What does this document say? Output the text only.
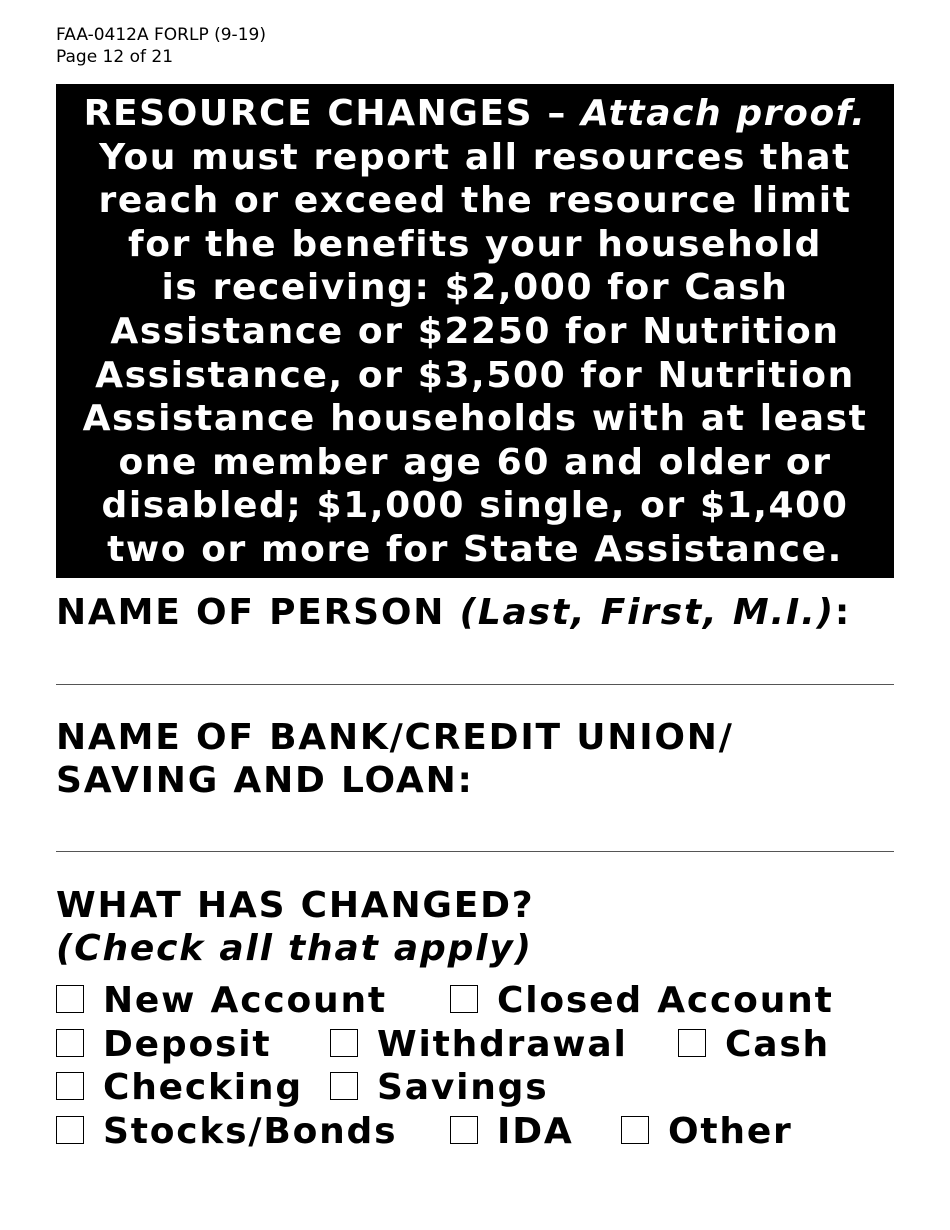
FAA-0412A FORLP (9-19)
Page 12 of 21
RESOURCE CHANGES – Attach proof.
You must report all resources that
reach or exceed the resource limit
for the benefits your household
is receiving: $2,000 for Cash
Assistance or $2250 for Nutrition
Assistance, or $3,500 for Nutrition
Assistance households with at least
one member age 60 and older or
disabled; $1,000 single, or $1,400
two or more for State Assistance.
NAME OF PERSON (Last, First, M.I.):
NAME OF BANK/CREDIT UNION/
SAVING AND LOAN:
WHAT HAS CHANGED?
(Check all that apply)
New Account	Closed Account
Deposit	Withdrawal	Cash
Checking Savings
Stocks/Bonds	IDA	Other
